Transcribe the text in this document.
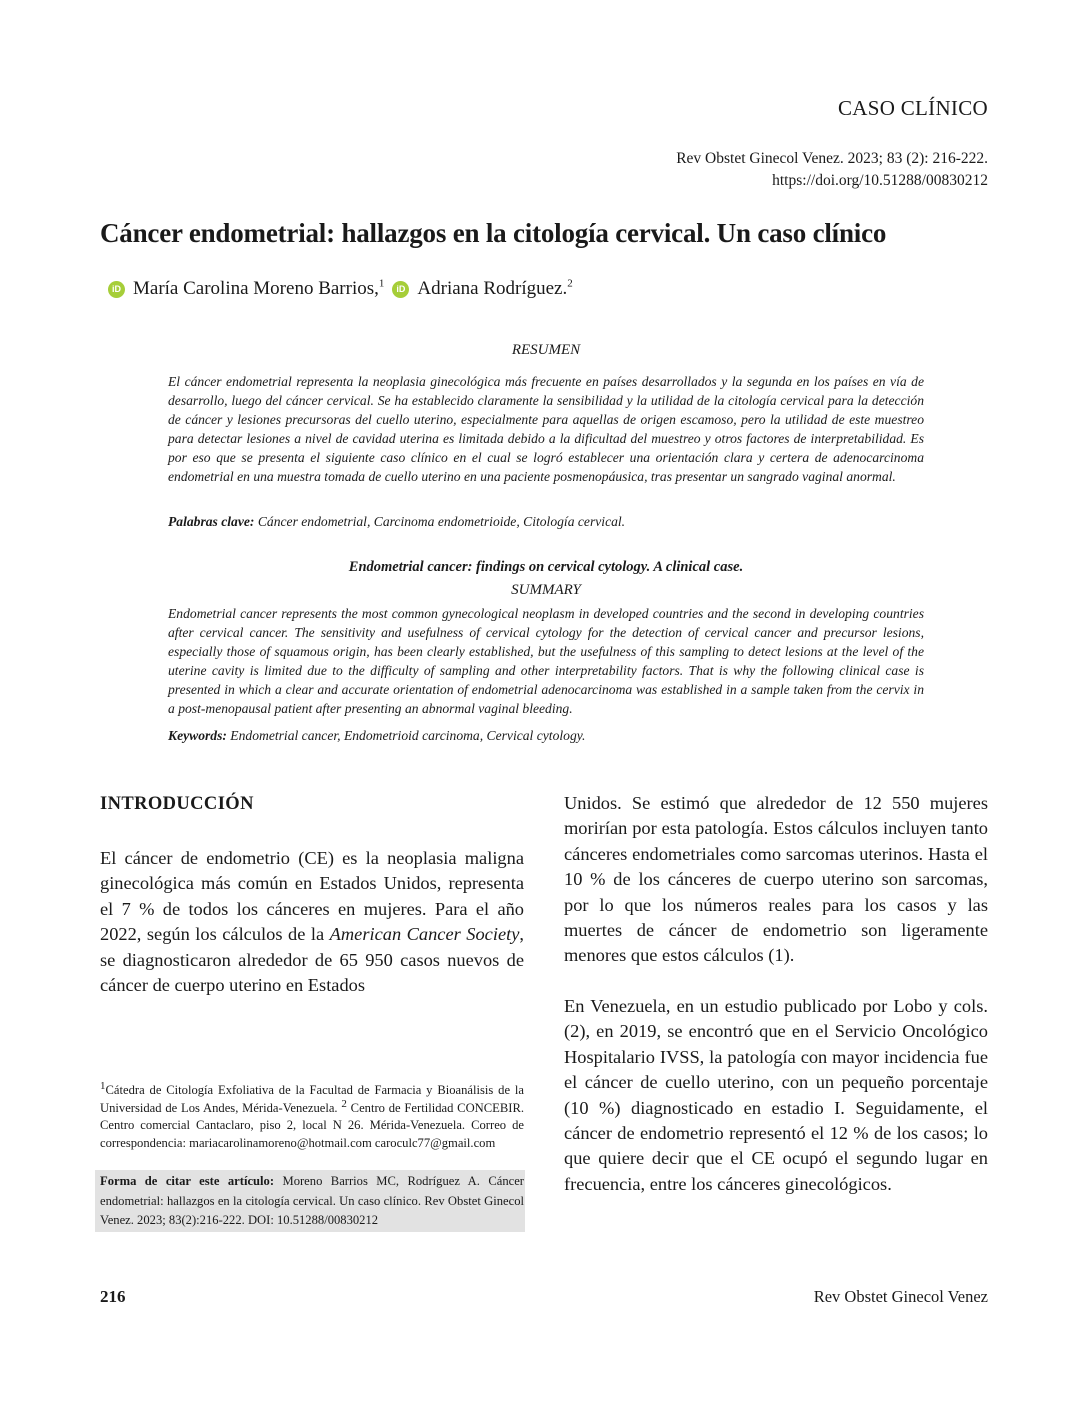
CASO CLÍNICO
Rev Obstet Ginecol Venez. 2023; 83 (2): 216-222.
https://doi.org/10.51288/00830212
Cáncer endometrial: hallazgos en la citología cervical. Un caso clínico
iD María Carolina Moreno Barrios,$^1$	iD Adriana Rodríguez.$^2$
RESUMEN
El cáncer endometrial representa la neoplasia ginecológica más frecuente en países desarrollados y la segunda en los países en vía de desarrollo, luego del cáncer cervical. Se ha establecido claramente la sensibilidad y la utilidad de la citología cervical para la detección de cáncer y lesiones precursoras del cuello uterino, especialmente para aquellas de origen escamoso, pero la utilidad de este muestreo para detectar lesiones a nivel de cavidad uterina es limitada debido a la dificultad del muestreo y otros factores de interpretabilidad. Es por eso que se presenta el siguiente caso clínico en el cual se logró establecer una orientación clara y certera de adenocarcinoma endometrial en una muestra tomada de cuello uterino en una paciente posmenopáusica, tras presentar un sangrado vaginal anormal.
Palabras clave: Cáncer endometrial, Carcinoma endometrioide, Citología cervical.
Endometrial cancer: findings on cervical cytology. A clinical case.
SUMMARY
Endometrial cancer represents the most common gynecological neoplasm in developed countries and the second in developing countries after cervical cancer. The sensitivity and usefulness of cervical cytology for the detection of cervical cancer and precursor lesions, especially those of squamous origin, has been clearly established, but the usefulness of this sampling to detect lesions at the level of the uterine cavity is limited due to the difficulty of sampling and other interpretability factors. That is why the following clinical case is presented in which a clear and accurate orientation of endometrial adenocarcinoma was established in a sample taken from the cervix in a post-menopausal patient after presenting an abnormal vaginal bleeding.
Keywords: Endometrial cancer, Endometrioid carcinoma, Cervical cytology.
INTRODUCCIÓN
El cáncer de endometrio (CE) es la neoplasia maligna ginecológica más común en Estados Unidos, representa el 7 % de todos los cánceres en mujeres. Para el año 2022, según los cálculos de la American Cancer Society, se diagnosticaron alrededor de 65 950 casos nuevos de cáncer de cuerpo uterino en Estados
Unidos. Se estimó que alrededor de 12 550 mujeres morirían por esta patología. Estos cálculos incluyen tanto cánceres endometriales como sarcomas uterinos. Hasta el 10 % de los cánceres de cuerpo uterino son sarcomas, por lo que los números reales para los casos y las muertes de cáncer de endometrio son ligeramente menores que estos cálculos (1).
En Venezuela, en un estudio publicado por Lobo y cols. (2), en 2019, se encontró que en el Servicio Oncológico Hospitalario IVSS, la patología con mayor incidencia fue el cáncer de cuello uterino, con un pequeño porcentaje (10 %) diagnosticado en estadio I. Seguidamente, el cáncer de endometrio representó el 12 % de los casos; lo que quiere decir que el CE ocupó el segundo lugar en frecuencia, entre los cánceres ginecológicos.
$^1$Cátedra de Citología Exfoliativa de la Facultad de Farmacia y Bioanálisis de la Universidad de Los Andes, Mérida-Venezuela. $^2$ Centro de Fertilidad CONCEBIR. Centro comercial Cantaclaro, piso 2, local N 26. Mérida-Venezuela. Correo de correspondencia: mariacarolinamoreno@hotmail.com caroculc77@gmail.com
Forma de citar este artículo: Moreno Barrios MC, Rodríguez A. Cáncer endometrial: hallazgos en la citología cervical. Un caso clínico. Rev Obstet Ginecol Venez. 2023; 83(2):216-222. DOI: 10.51288/00830212
216	Rev Obstet Ginecol Venez
